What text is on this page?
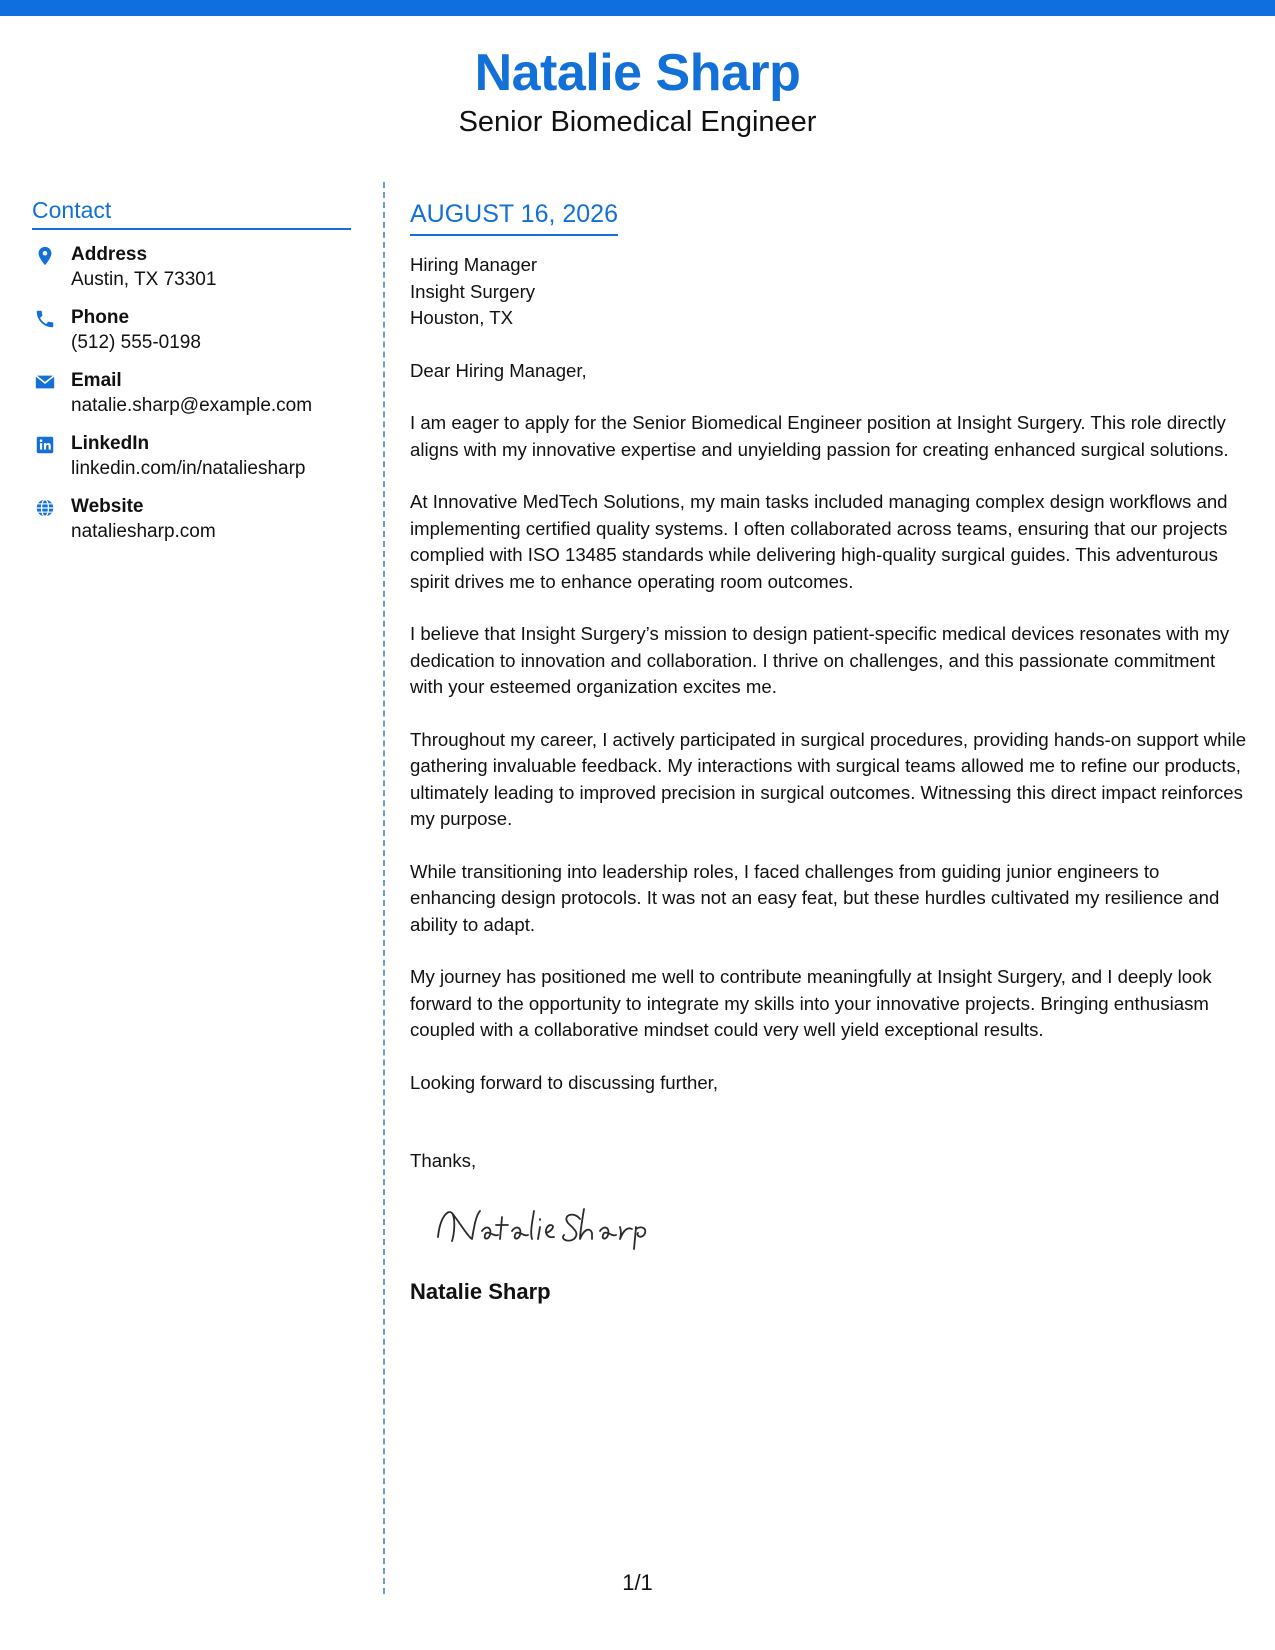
Natalie Sharp
Senior Biomedical Engineer
Contact
Address
Austin, TX 73301
Phone
(512) 555-0198
Email
natalie.sharp@example.com
LinkedIn
linkedin.com/in/nataliesharp
Website
nataliesharp.com
AUGUST 16, 2026
Hiring Manager
Insight Surgery
Houston, TX
Dear Hiring Manager,
I am eager to apply for the Senior Biomedical Engineer position at Insight Surgery. This role directly aligns with my innovative expertise and unyielding passion for creating enhanced surgical solutions.
At Innovative MedTech Solutions, my main tasks included managing complex design workflows and implementing certified quality systems. I often collaborated across teams, ensuring that our projects complied with ISO 13485 standards while delivering high-quality surgical guides. This adventurous spirit drives me to enhance operating room outcomes.
I believe that Insight Surgery’s mission to design patient-specific medical devices resonates with my dedication to innovation and collaboration. I thrive on challenges, and this passionate commitment with your esteemed organization excites me.
Throughout my career, I actively participated in surgical procedures, providing hands-on support while gathering invaluable feedback. My interactions with surgical teams allowed me to refine our products, ultimately leading to improved precision in surgical outcomes. Witnessing this direct impact reinforces my purpose.
While transitioning into leadership roles, I faced challenges from guiding junior engineers to enhancing design protocols. It was not an easy feat, but these hurdles cultivated my resilience and ability to adapt.
My journey has positioned me well to contribute meaningfully at Insight Surgery, and I deeply look forward to the opportunity to integrate my skills into your innovative projects. Bringing enthusiasm coupled with a collaborative mindset could very well yield exceptional results.
Looking forward to discussing further,
Thanks,
Natalie Sharp
1/1
